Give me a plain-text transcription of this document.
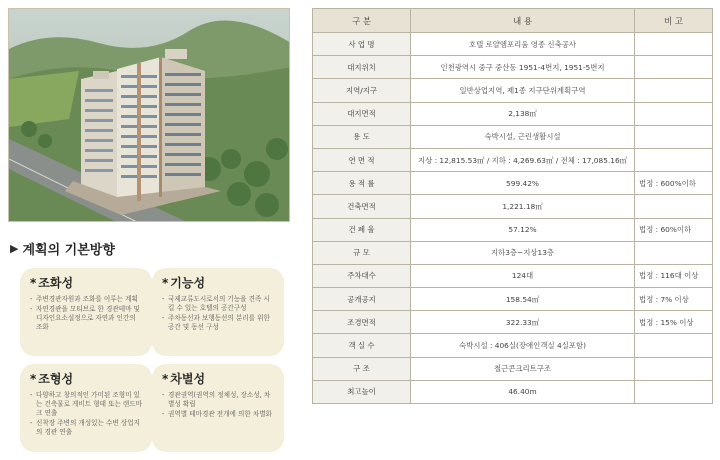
▶ 계획의 기본방향
* 조화성
- 주변경관자원과 조화를 이루는 계획
- 자연경관을 모티브로 한 경관테마 및 디자인요소설정으로 자연과 인간의 조화
* 기능성
- 국제교류도시로서의 기능을 견족 시킬 수 있는 호텔의 공간구성
- 주차동선과 보행동선의 분리를 위한 공간 및 동선 구성
* 조형성
- 다양하고 창의적인 가미된 조형미 있는 건축물로 게비트 형태 또는 랜드마크 연출
- 신착장 주변의 개성있는 수변 상업지의 경관 연출
* 차별성
- 경관권역(권역의 정체성, 장소성, 차별성 확립
- 권역별 테마경관 전개에 의한 차별화
구 분	내 용	비 고
사 업 명	호텔 로얄엠포리움 영종 신축공사	
대지위치	인천광역시 중구 중산동 1951-4번지, 1951-5번지	
지역/지구	일반상업지역, 제1종 지구단위계획구역	
대지면적	2,138㎡	
용 도	숙박시설, 근린생활시설	
연 면 적	지상 : 12,815.53㎡ / 지하 : 4,269.63㎡ / 전체 : 17,085.16㎡	
용 적 률	599.42%	법정 : 600%이하
건축면적	1,221.18㎡	
건 폐 율	57.12%	법정 : 60%이하
규 모	지하3층~지상13층	
주차대수	124대	법정 : 116대 이상
공개공지	158.54㎡	법정 : 7% 이상
조경면적	322.33㎡	법정 : 15% 이상
객 실 수	숙박시설 : 406실(장애인객실 4실포함)	
구 조	철근콘크리트구조	
최고높이	46.40m	
